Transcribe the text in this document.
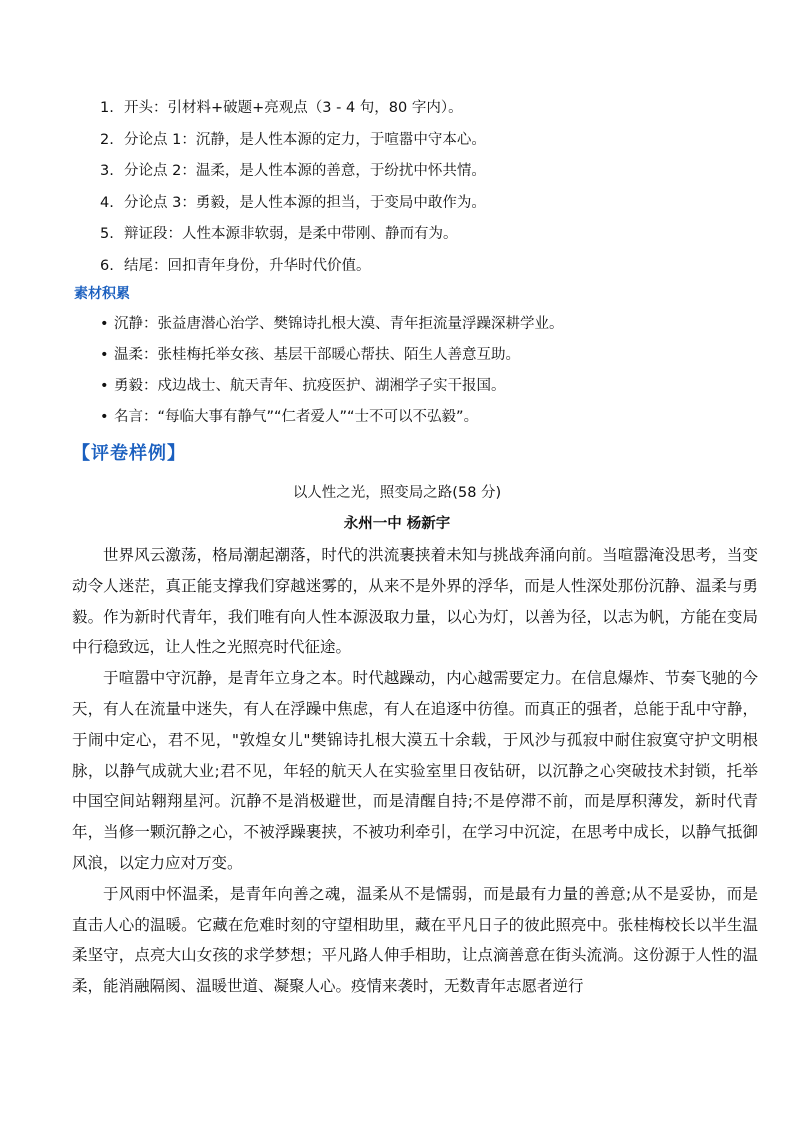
1. 开头：引材料+破题+亮观点（3 - 4 句，80 字内）。
2. 分论点 1：沉静，是人性本源的定力，于喧嚣中守本心。
3. 分论点 2：温柔，是人性本源的善意，于纷扰中怀共情。
4. 分论点 3：勇毅，是人性本源的担当，于变局中敢作为。
5. 辩证段：人性本源非软弱，是柔中带刚、静而有为。
6. 结尾：回扣青年身份，升华时代价值。
素材积累
• 沉静：张益唐潜心治学、樊锦诗扎根大漠、青年拒流量浮躁深耕学业。
• 温柔：张桂梅托举女孩、基层干部暖心帮扶、陌生人善意互助。
• 勇毅：戍边战士、航天青年、抗疫医护、湖湘学子实干报国。
• 名言：“每临大事有静气”“仁者爱人”“士不可以不弘毅”。
【评卷样例】
以人性之光，照变局之路(58 分)
永州一中 杨新宇

世界风云激荡，格局潮起潮落，时代的洪流裹挟着未知与挑战奔涌向前。当喧嚣淹没思考，当变动令人迷茫，真正能支撑我们穿越迷雾的，从来不是外界的浮华，而是人性深处那份沉静、温柔与勇毅。作为新时代青年，我们唯有向人性本源汲取力量，以心为灯，以善为径，以志为帆，方能在变局中行稳致远，让人性之光照亮时代征途。

于喧嚣中守沉静，是青年立身之本。时代越躁动，内心越需要定力。在信息爆炸、节奏飞驰的今天，有人在流量中迷失，有人在浮躁中焦虑，有人在追逐中彷徨。而真正的强者，总能于乱中守静，于闹中定心，君不见，"敦煌女儿"樊锦诗扎根大漠五十余载，于风沙与孤寂中耐住寂寞守护文明根脉，以静气成就大业;君不见，年轻的航天人在实验室里日夜钻研，以沉静之心突破技术封锁，托举中国空间站翱翔星河。沉静不是消极避世，而是清醒自持;不是停滞不前，而是厚积薄发，新时代青年，当修一颗沉静之心，不被浮躁裹挟，不被功利牵引，在学习中沉淀，在思考中成长，以静气抵御风浪，以定力应对万变。

于风雨中怀温柔，是青年向善之魂，温柔从不是懦弱，而是最有力量的善意;从不是妥协，而是直击人心的温暖。它藏在危难时刻的守望相助里，藏在平凡日子的彼此照亮中。张桂梅校长以半生温柔坚守，点亮大山女孩的求学梦想；平凡路人伸手相助，让点滴善意在街头流淌。这份源于人性的温柔，能消融隔阂、温暖世道、凝聚人心。疫情来袭时，无数青年志愿者逆行
